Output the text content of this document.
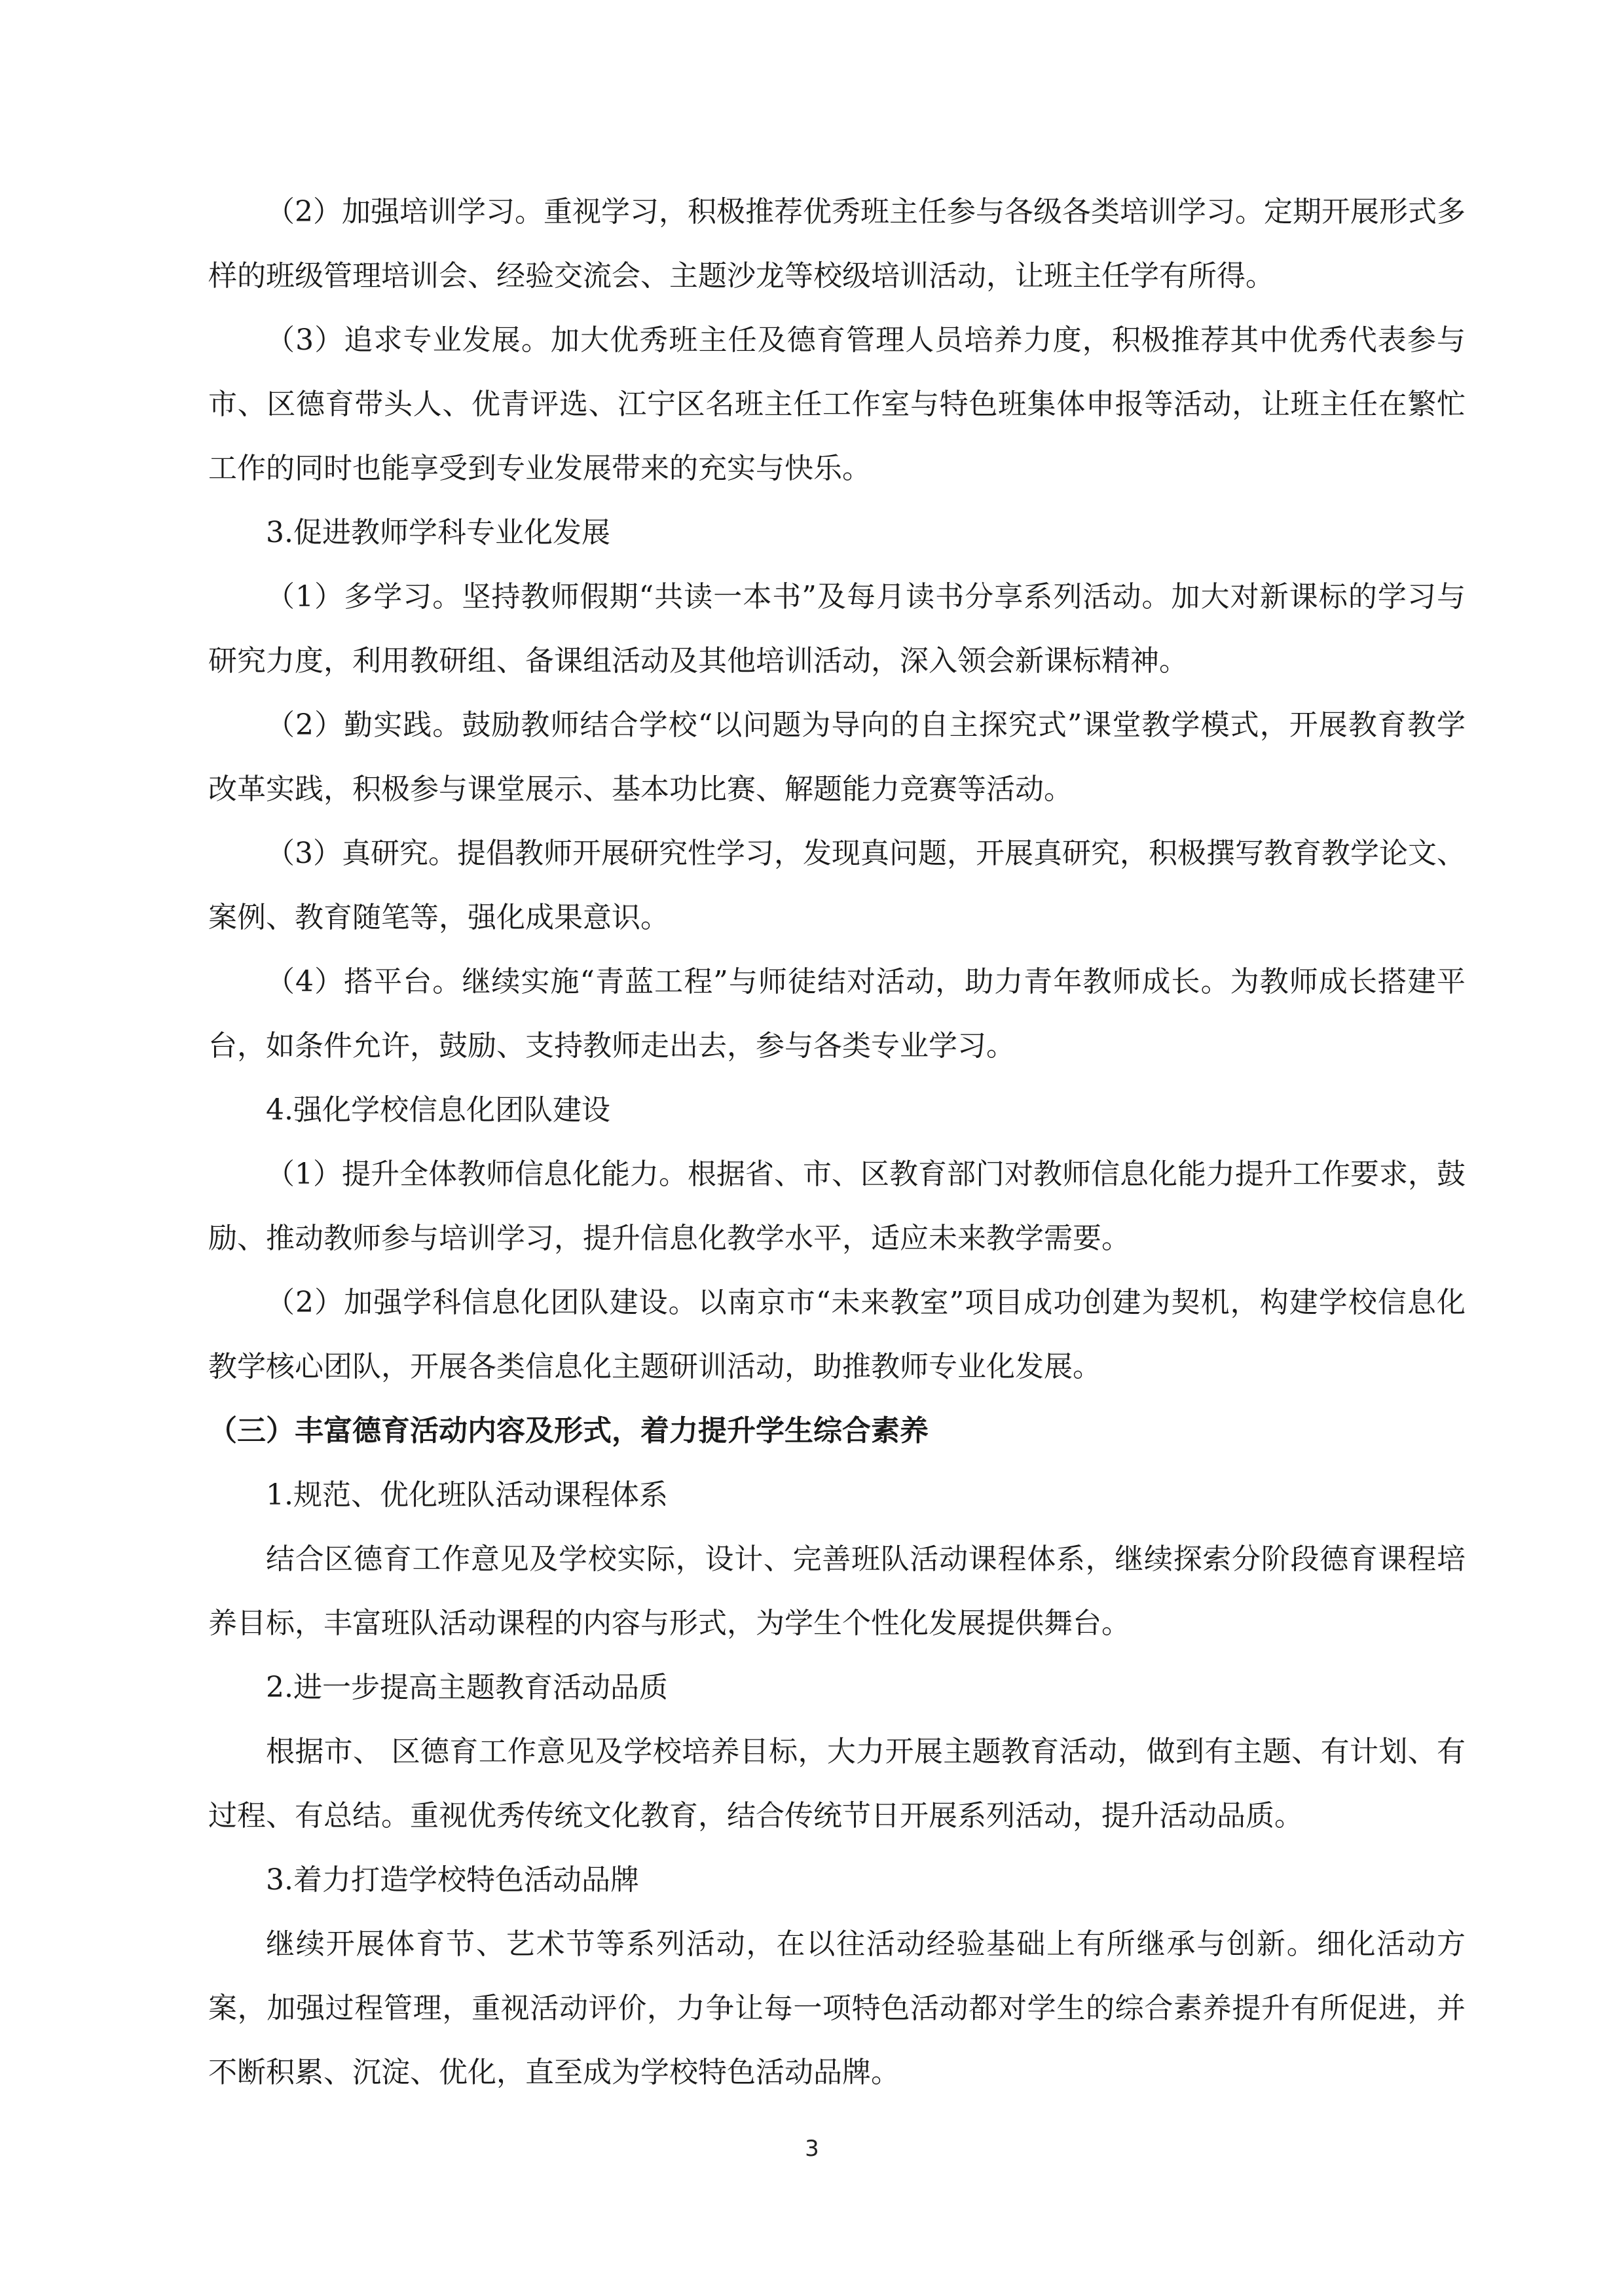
（2）加强培训学习。重视学习，积极推荐优秀班主任参与各级各类培训学习。定期开展形式多样的班级管理培训会、经验交流会、主题沙龙等校级培训活动，让班主任学有所得。

（3）追求专业发展。加大优秀班主任及德育管理人员培养力度，积极推荐其中优秀代表参与市、区德育带头人、优青评选、江宁区名班主任工作室与特色班集体申报等活动，让班主任在繁忙工作的同时也能享受到专业发展带来的充实与快乐。

3.促进教师学科专业化发展

（1）多学习。坚持教师假期“共读一本书”及每月读书分享系列活动。加大对新课标的学习与研究力度，利用教研组、备课组活动及其他培训活动，深入领会新课标精神。

（2）勤实践。鼓励教师结合学校“以问题为导向的自主探究式”课堂教学模式，开展教育教学改革实践，积极参与课堂展示、基本功比赛、解题能力竞赛等活动。

（3）真研究。提倡教师开展研究性学习，发现真问题，开展真研究，积极撰写教育教学论文、案例、教育随笔等，强化成果意识。

（4）搭平台。继续实施“青蓝工程”与师徒结对活动，助力青年教师成长。为教师成长搭建平台，如条件允许，鼓励、支持教师走出去，参与各类专业学习。

4.强化学校信息化团队建设

（1）提升全体教师信息化能力。根据省、市、区教育部门对教师信息化能力提升工作要求，鼓励、推动教师参与培训学习，提升信息化教学水平，适应未来教学需要。

（2）加强学科信息化团队建设。以南京市“未来教室”项目成功创建为契机，构建学校信息化教学核心团队，开展各类信息化主题研训活动，助推教师专业化发展。

（三）丰富德育活动内容及形式，着力提升学生综合素养

1.规范、优化班队活动课程体系

结合区德育工作意见及学校实际，设计、完善班队活动课程体系，继续探索分阶段德育课程培养目标，丰富班队活动课程的内容与形式，为学生个性化发展提供舞台。

2.进一步提高主题教育活动品质

根据市、 区德育工作意见及学校培养目标，大力开展主题教育活动，做到有主题、有计划、有过程、有总结。重视优秀传统文化教育，结合传统节日开展系列活动，提升活动品质。

3.着力打造学校特色活动品牌

继续开展体育节、艺术节等系列活动，在以往活动经验基础上有所继承与创新。细化活动方案，加强过程管理，重视活动评价，力争让每一项特色活动都对学生的综合素养提升有所促进，并不断积累、沉淀、优化，直至成为学校特色活动品牌。

3
